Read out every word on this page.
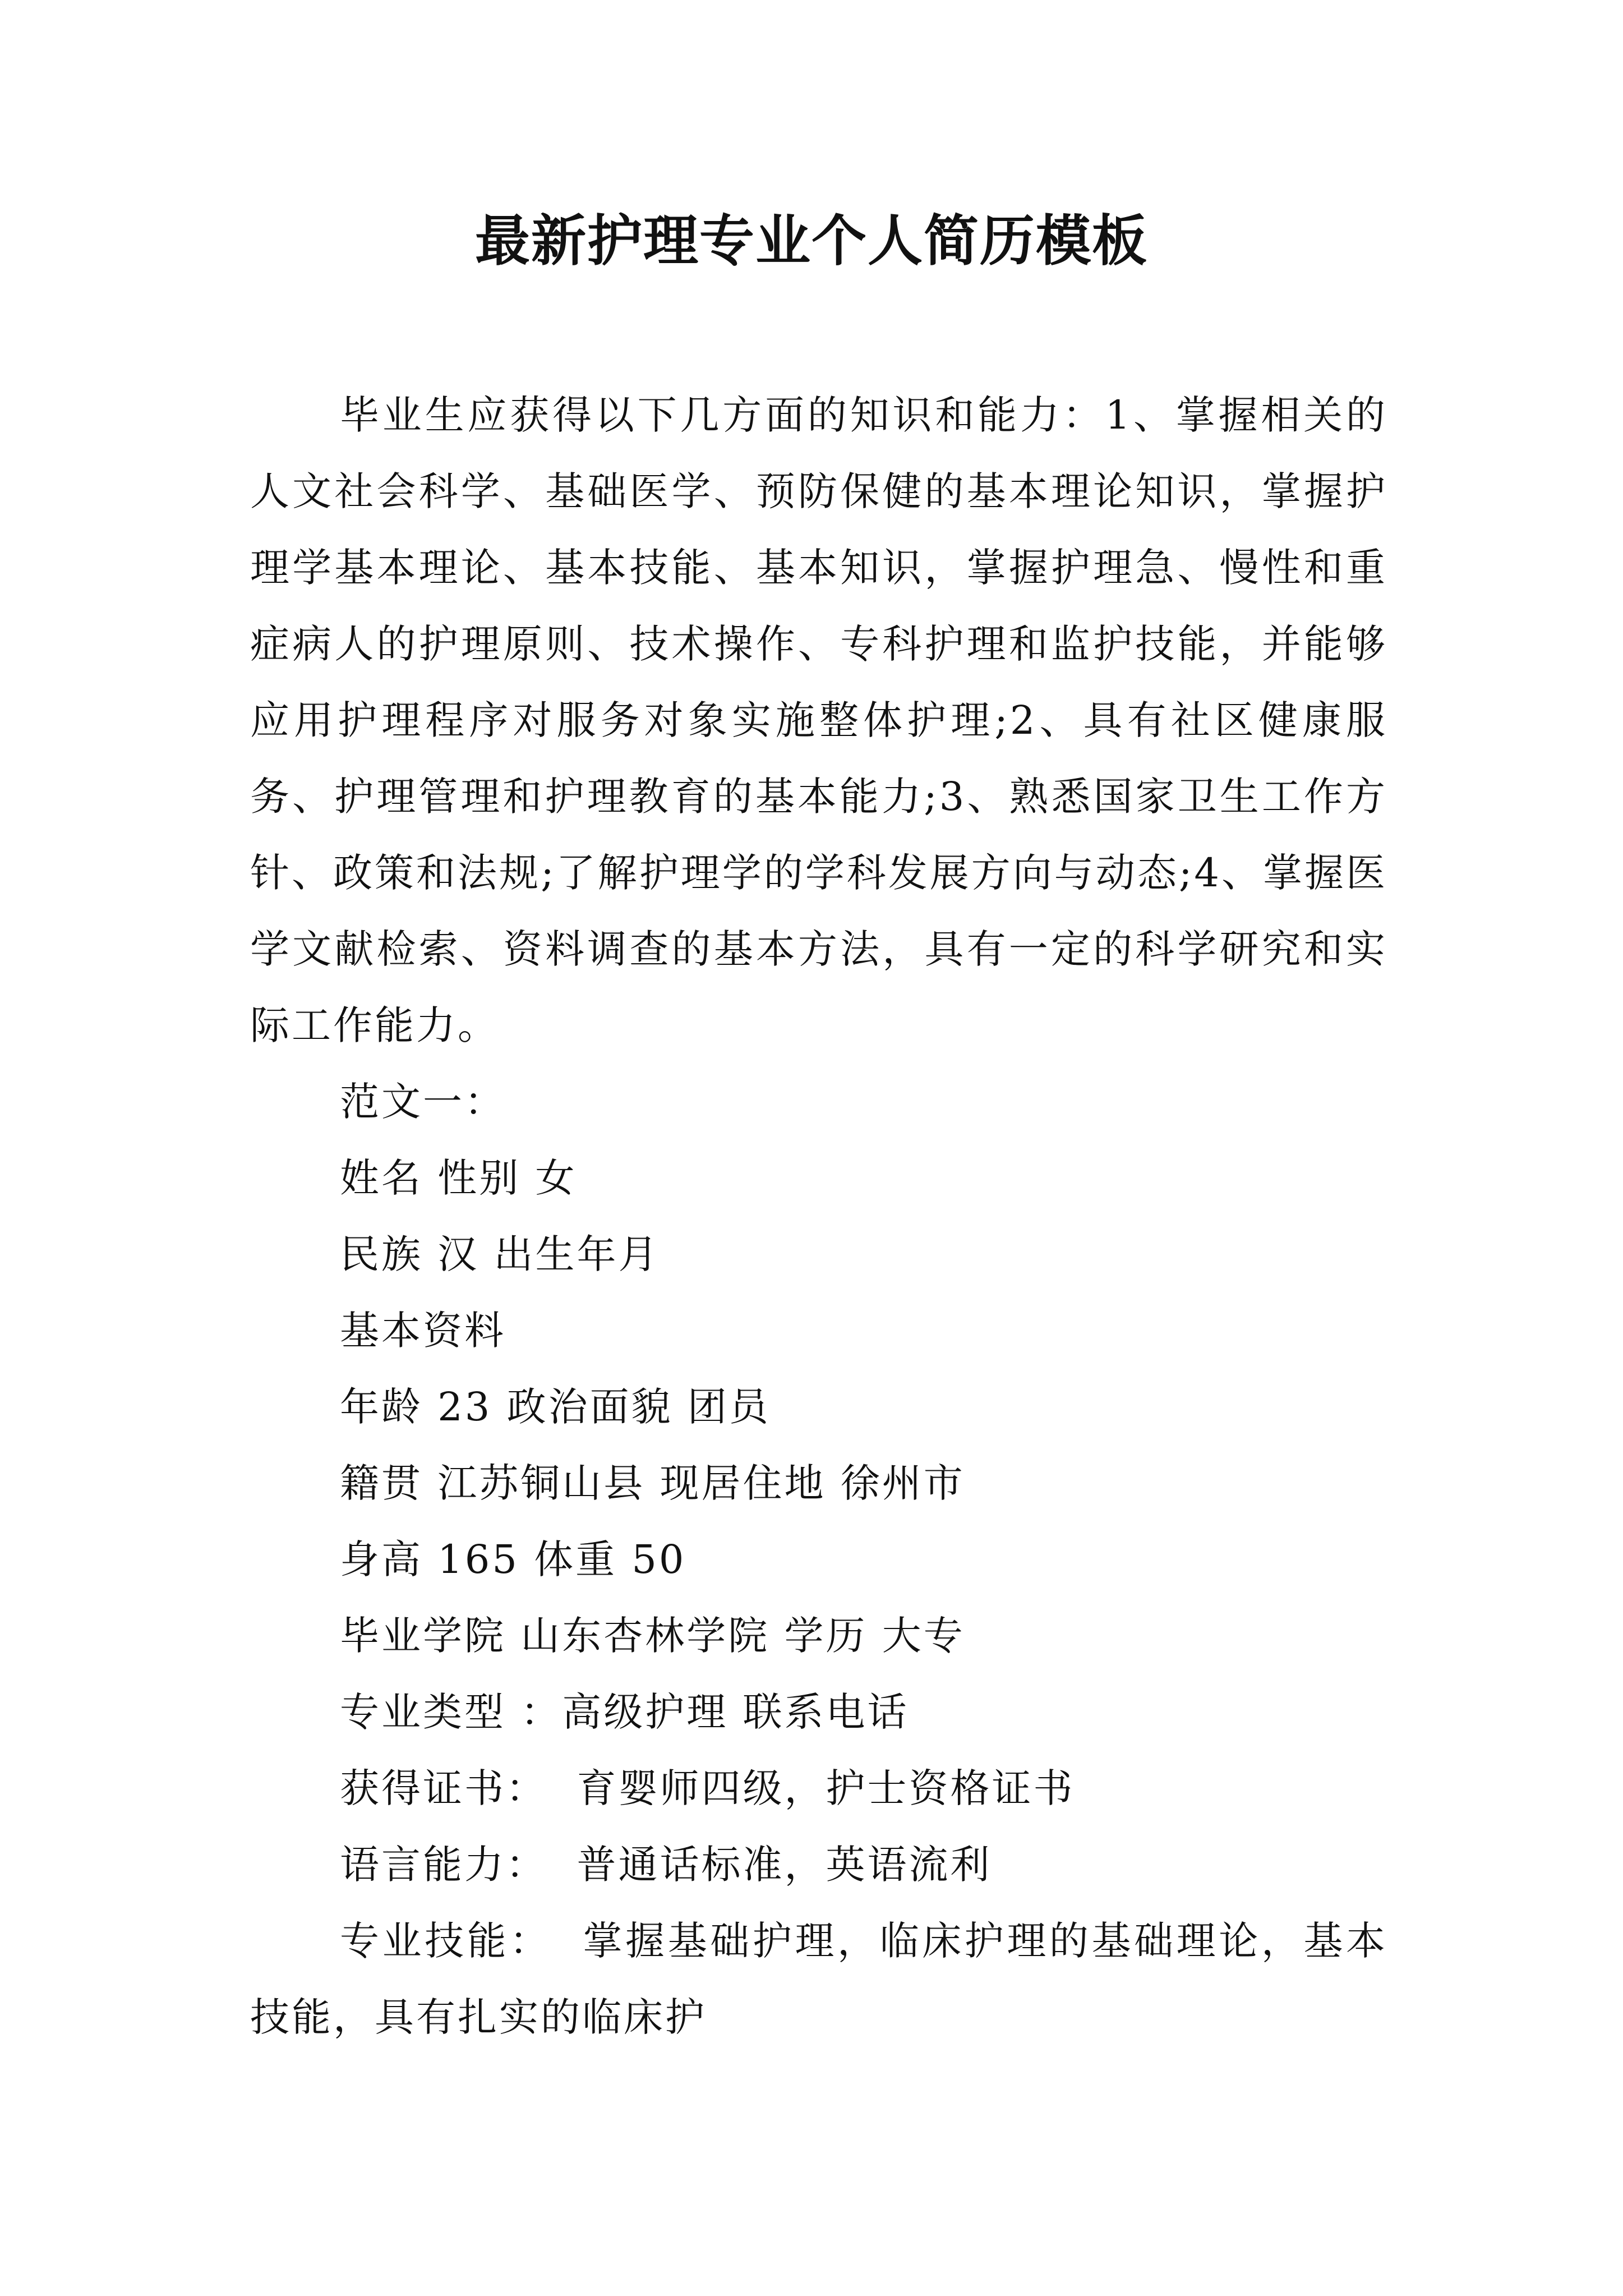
最新护理专业个人简历模板

毕业生应获得以下几方面的知识和能力：1、掌握相关的人文社会科学、基础医学、预防保健的基本理论知识，掌握护理学基本理论、基本技能、基本知识，掌握护理急、慢性和重症病人的护理原则、技术操作、专科护理和监护技能，并能够应用护理程序对服务对象实施整体护理;2、具有社区健康服务、护理管理和护理教育的基本能力;3、熟悉国家卫生工作方针、政策和法规;了解护理学的学科发展方向与动态;4、掌握医学文献检索、资料调查的基本方法，具有一定的科学研究和实际工作能力。

范文一：

姓名 性别 女

民族 汉 出生年月

基本资料

年龄 23 政治面貌 团员

籍贯 江苏铜山县 现居住地 徐州市

身高 165 体重 50

毕业学院 山东杏林学院 学历 大专

专业类型 ：高级护理 联系电话

获得证书：  育婴师四级，护士资格证书

语言能力：  普通话标准，英语流利

专业技能：  掌握基础护理，临床护理的基础理论，基本技能，具有扎实的临床护
